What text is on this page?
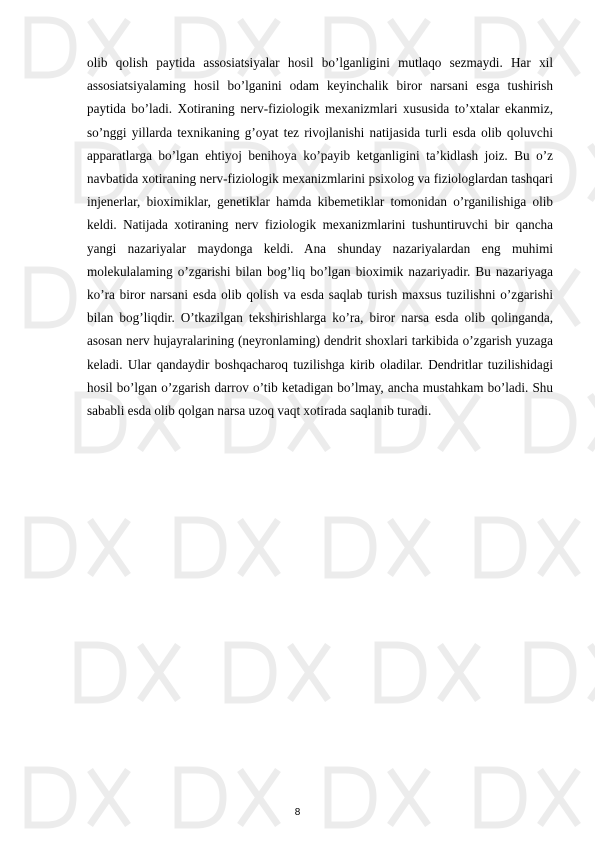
olib qolish paytida assosiatsiyalar hosil bo’lganligini mutlaqo sezmaydi. Har xil assosiatsiyalaming hosil bo’lganini odam keyinchalik biror narsani esga tushirish paytida bo’ladi. Xotiraning nerv-fiziologik mexanizmlari xususida to’xtalar ekanmiz, so’nggi yillarda texnikaning g’oyat tez rivojlanishi natijasida turli esda olib qoluvchi apparatlarga bo’lgan ehtiyoj benihoya ko’payib ketganligini ta’kidlash joiz. Bu o’z navbatida xotiraning nerv-fiziologik mexanizmlarini psixolog va fiziologlardan tashqari injenerlar, bioximiklar, genetiklar hamda kibemetiklar tomonidan o’rganilishiga olib keldi. Natijada xotiraning nerv fiziologik mexanizmlarini tushuntiruvchi bir qancha yangi nazariyalar maydonga keldi. Ana shunday nazariyalardan eng muhimi molekulalaming o’zgarishi bilan bog’liq bo’lgan bioximik nazariyadir. Bu nazariyaga ko’ra biror narsani esda olib qolish va esda saqlab turish maxsus tuzilishni o’zgarishi bilan bog’liqdir. O’tkazilgan tekshirishlarga ko’ra, biror narsa esda olib qolinganda, asosan nerv hujayralarining (neyronlaming) dendrit shoxlari tarkibida o’zgarish yuzaga keladi. Ular qandaydir boshqacharoq tuzilishga kirib oladilar. Dendritlar tuzilishidagi hosil bo’lgan o’zgarish darrov o’tib ketadigan bo’lmay, ancha mustahkam bo’ladi. Shu sababli esda olib qolgan narsa uzoq vaqt xotirada saqlanib turadi.

8
